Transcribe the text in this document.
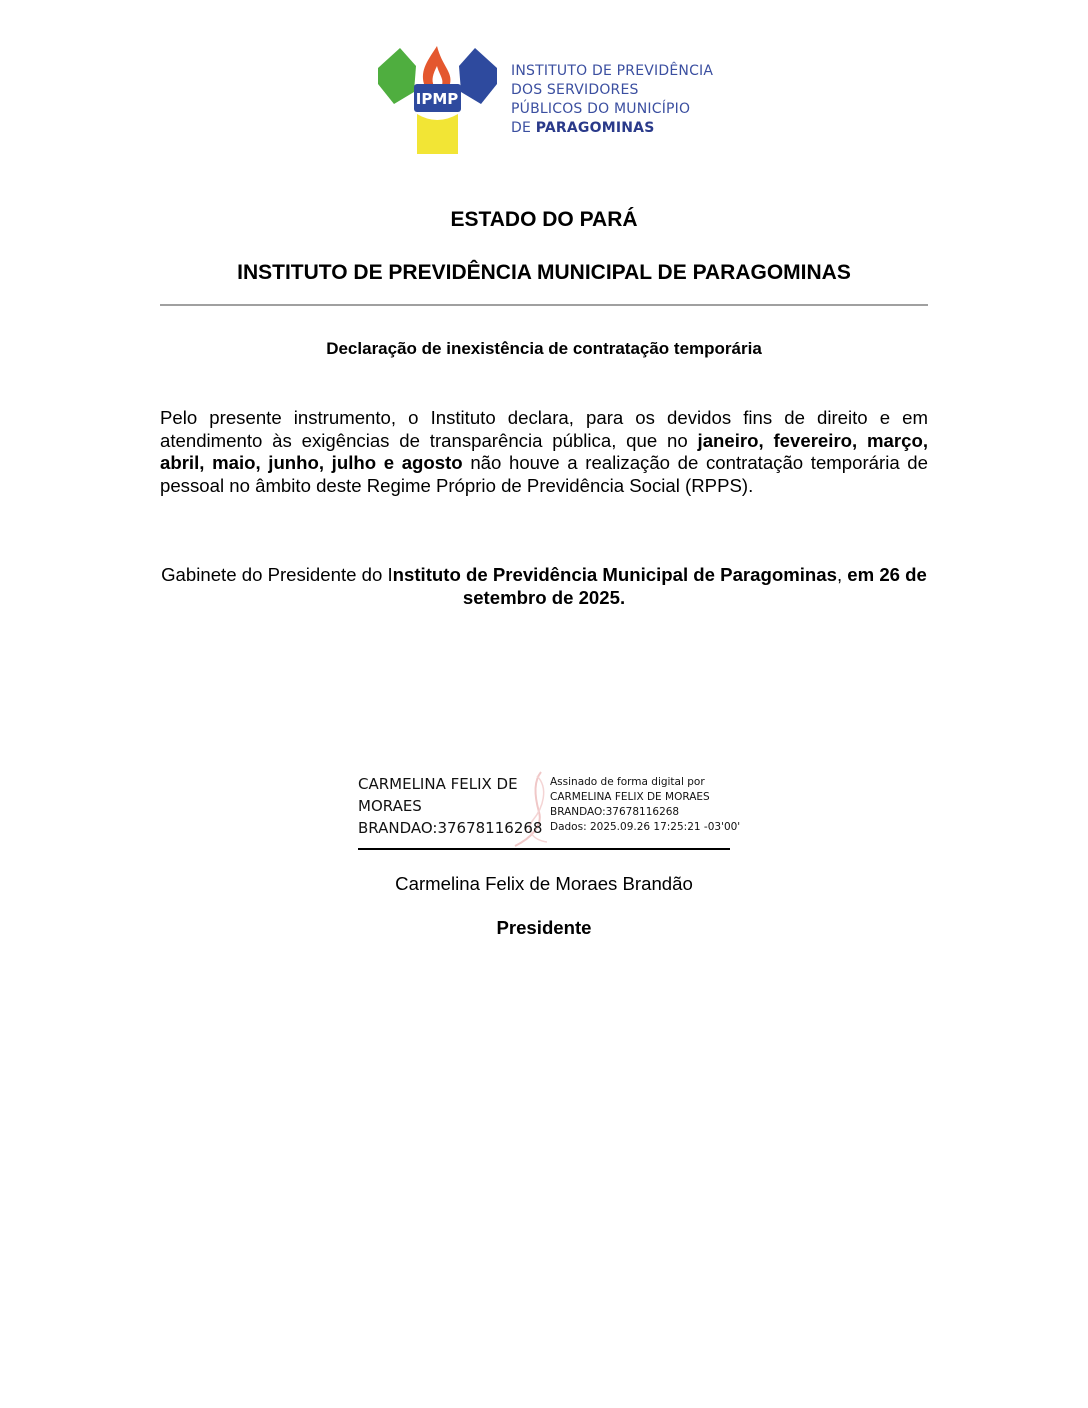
IPMP
INSTITUTO DE PREVIDÊNCIA
DOS SERVIDORES
PÚBLICOS DO MUNICÍPIO
DE PARAGOMINAS
ESTADO DO PARÁ
INSTITUTO DE PREVIDÊNCIA MUNICIPAL DE PARAGOMINAS
Declaração de inexistência de contratação temporária
Pelo presente instrumento, o Instituto declara, para os devidos fins de direito e em atendimento às exigências de transparência pública, que no janeiro, fevereiro, março, abril, maio, junho, julho e agosto não houve a realização de contratação temporária de pessoal no âmbito deste Regime Próprio de Previdência Social (RPPS).
Gabinete do Presidente do Instituto de Previdência Municipal de Paragominas, em 26 de setembro de 2025.
CARMELINA FELIX DE
MORAES
BRANDAO:37678116268
Assinado de forma digital por
CARMELINA FELIX DE MORAES
BRANDAO:37678116268
Dados: 2025.09.26 17:25:21 -03'00'
Carmelina Felix de Moraes Brandão
Presidente
